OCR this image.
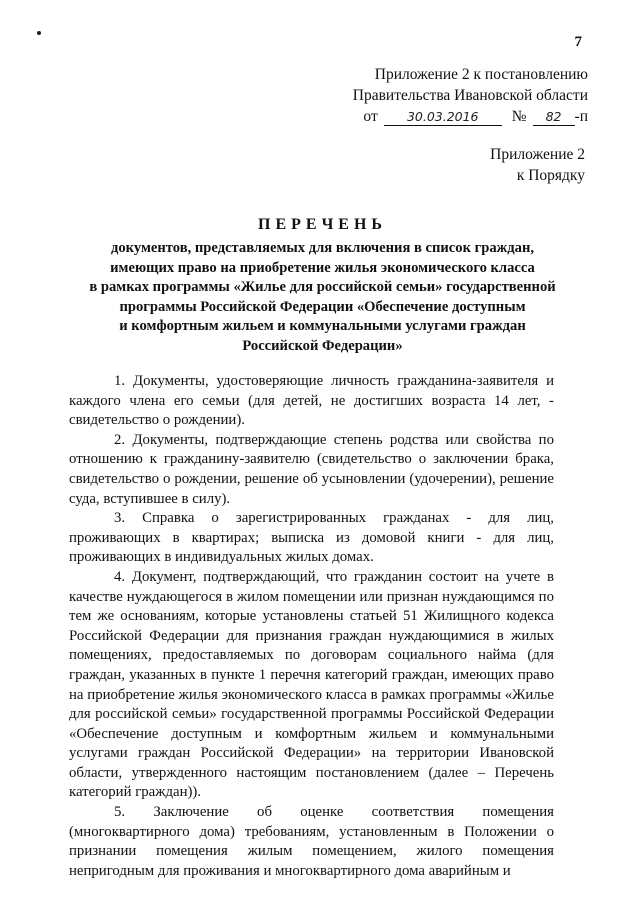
7
Приложение 2 к постановлению
Правительства Ивановской области
от	30.03.2016	№	82 -п
Приложение 2
к Порядку
ПЕРЕЧЕНЬ
документов, представляемых для включения в список граждан,
имеющих право на приобретение жилья экономического класса
в рамках программы «Жилье для российской семьи» государственной
программы Российской Федерации «Обеспечение доступным
и комфортным жильем и коммунальными услугами граждан
Российской Федерации»

1. Документы, удостоверяющие личность гражданина-заявителя и каждого члена его семьи (для детей, не достигших возраста 14 лет, - свидетельство о рождении).

2. Документы, подтверждающие степень родства или свойства по отношению к гражданину-заявителю (свидетельство о заключении брака, свидетельство о рождении, решение об усыновлении (удочерении), решение суда, вступившее в силу).

3. Справка о зарегистрированных гражданах - для лиц, проживающих в квартирах; выписка из домовой книги - для лиц, проживающих в индивидуальных жилых домах.

4. Документ, подтверждающий, что гражданин состоит на учете в качестве нуждающегося в жилом помещении или признан нуждающимся по тем же основаниям, которые установлены статьей 51 Жилищного кодекса Российской Федерации для признания граждан нуждающимися в жилых помещениях, предоставляемых по договорам социального найма (для граждан, указанных в пункте 1 перечня категорий граждан, имеющих право на приобретение жилья экономического класса в рамках программы «Жилье для российской семьи» государственной программы Российской Федерации «Обеспечение доступным и комфортным жильем и коммунальными услугами граждан Российской Федерации» на территории Ивановской области, утвержденного настоящим постановлением (далее – Перечень категорий граждан)).

5. Заключение об оценке соответствия помещения (многоквартирного дома) требованиям, установленным в Положении о признании помещения жилым помещением, жилого помещения непригодным для проживания и многоквартирного дома аварийным и
